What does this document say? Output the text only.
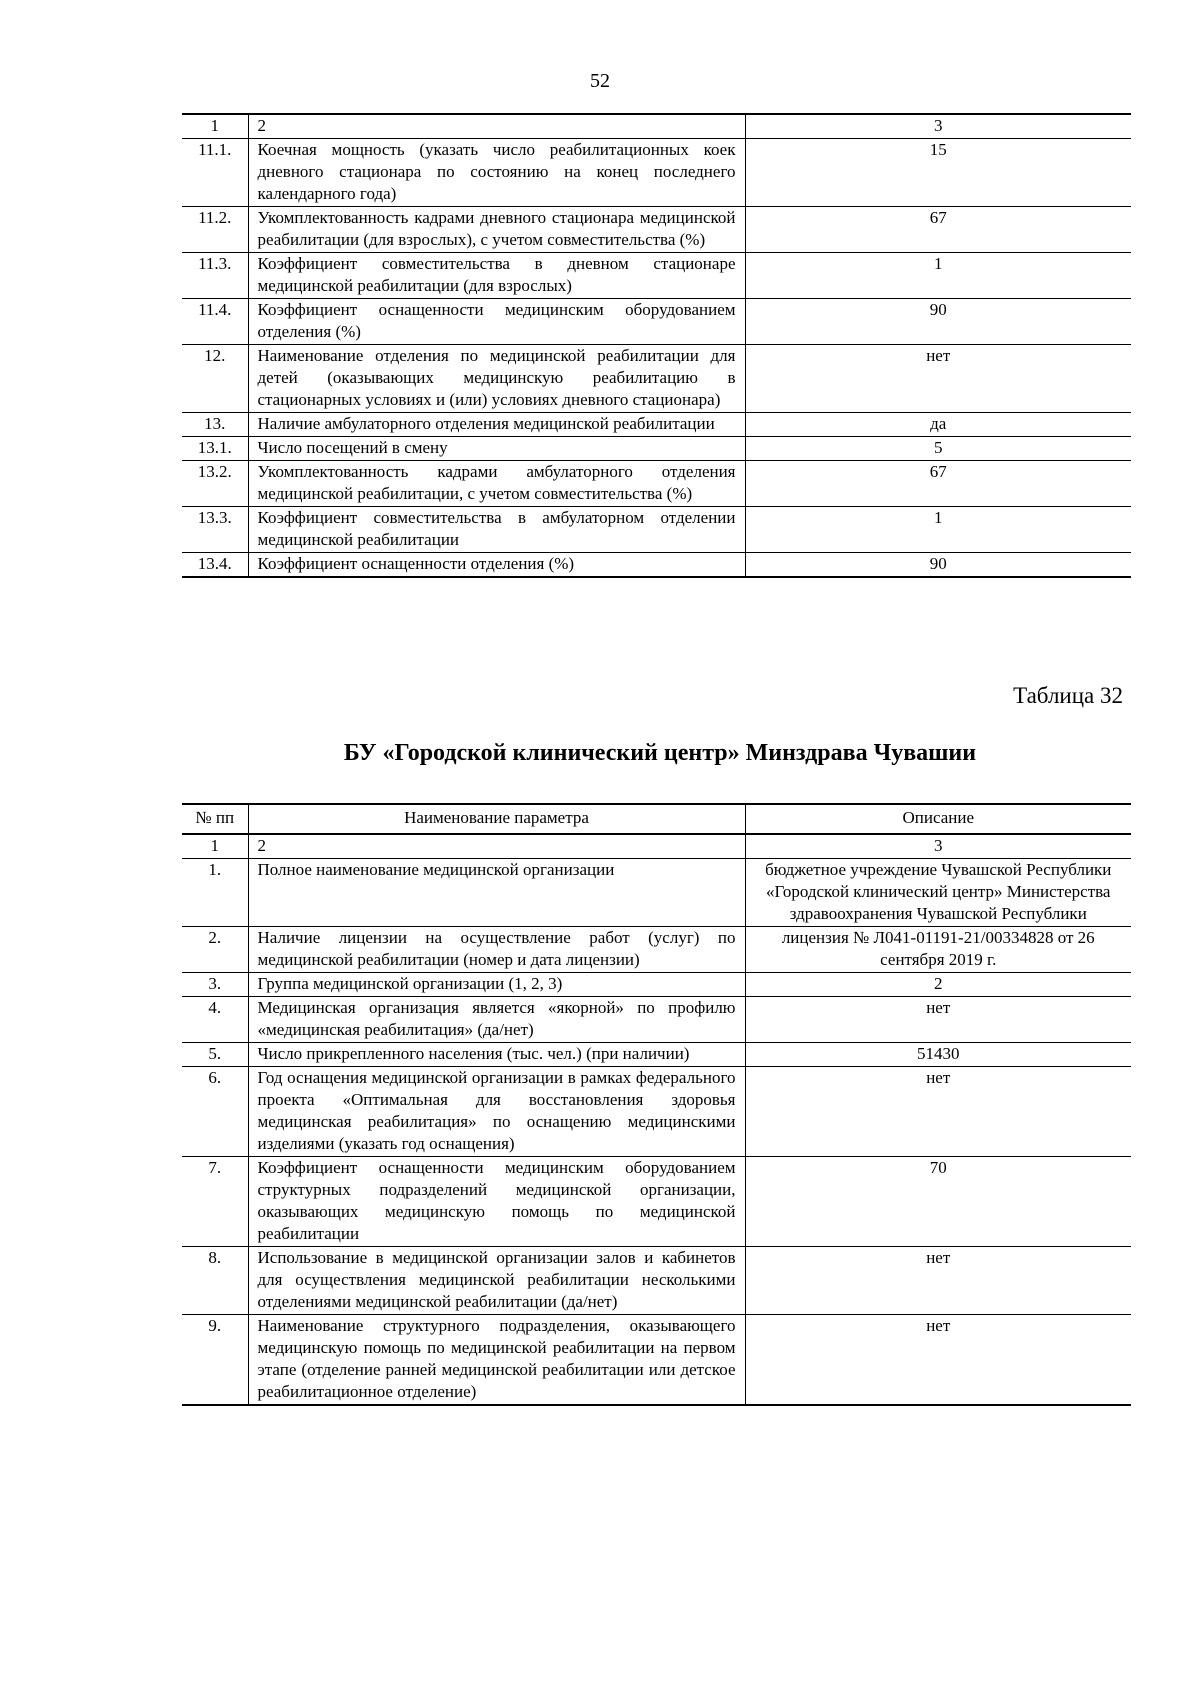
52
1	2	3
11.1.	Коечная мощность (указать число реабилитационных коек дневного стационара по состоянию на конец последнего календарного года)	15
11.2.	Укомплектованность кадрами дневного стационара медицинской реабилитации (для взрослых), с учетом совместительства (%)	67
11.3.	Коэффициент совместительства в дневном стационаре медицинской реабилитации (для взрослых)	1
11.4.	Коэффициент оснащенности медицинским оборудованием отделения (%)	90
12.	Наименование отделения по медицинской реабилитации для детей (оказывающих медицинскую реабилитацию в стационарных условиях и (или) условиях дневного стационара)	нет
13.	Наличие амбулаторного отделения медицинской реабилитации	да
13.1.	Число посещений в смену	5
13.2.	Укомплектованность кадрами амбулаторного отделения медицинской реабилитации, с учетом совместительства (%)	67
13.3.	Коэффициент совместительства в амбулаторном отделении медицинской реабилитации	1
13.4.	Коэффициент оснащенности отделения (%)	90
Таблица 32
БУ «Городской клинический центр» Минздрава Чувашии
№ пп	Наименование параметра	Описание
1	2	3
1.	Полное наименование медицинской организации	бюджетное учреждение Чувашской Республики «Городской клинический центр» Министерства здравоохранения Чувашской Республики
2.	Наличие лицензии на осуществление работ (услуг) по медицинской реабилитации (номер и дата лицензии)	лицензия № Л041-01191-21/00334828 от 26 сентября 2019 г.
3.	Группа медицинской организации (1, 2, 3)	2
4.	Медицинская организация является «якорной» по профилю «медицинская реабилитация» (да/нет)	нет
5.	Число прикрепленного населения (тыс. чел.) (при наличии)	51430
6.	Год оснащения медицинской организации в рамках федерального проекта «Оптимальная для восстановления здоровья медицинская реабилитация» по оснащению медицинскими изделиями (указать год оснащения)	нет
7.	Коэффициент оснащенности медицинским оборудованием структурных подразделений медицинской организации, оказывающих медицинскую помощь по медицинской реабилитации	70
8.	Использование в медицинской организации залов и кабинетов для осуществления медицинской реабилитации несколькими отделениями медицинской реабилитации (да/нет)	нет
9.	Наименование структурного подразделения, оказывающего медицинскую помощь по медицинской реабилитации на первом этапе (отделение ранней медицинской реабилитации или детское реабилитационное отделение)	нет
